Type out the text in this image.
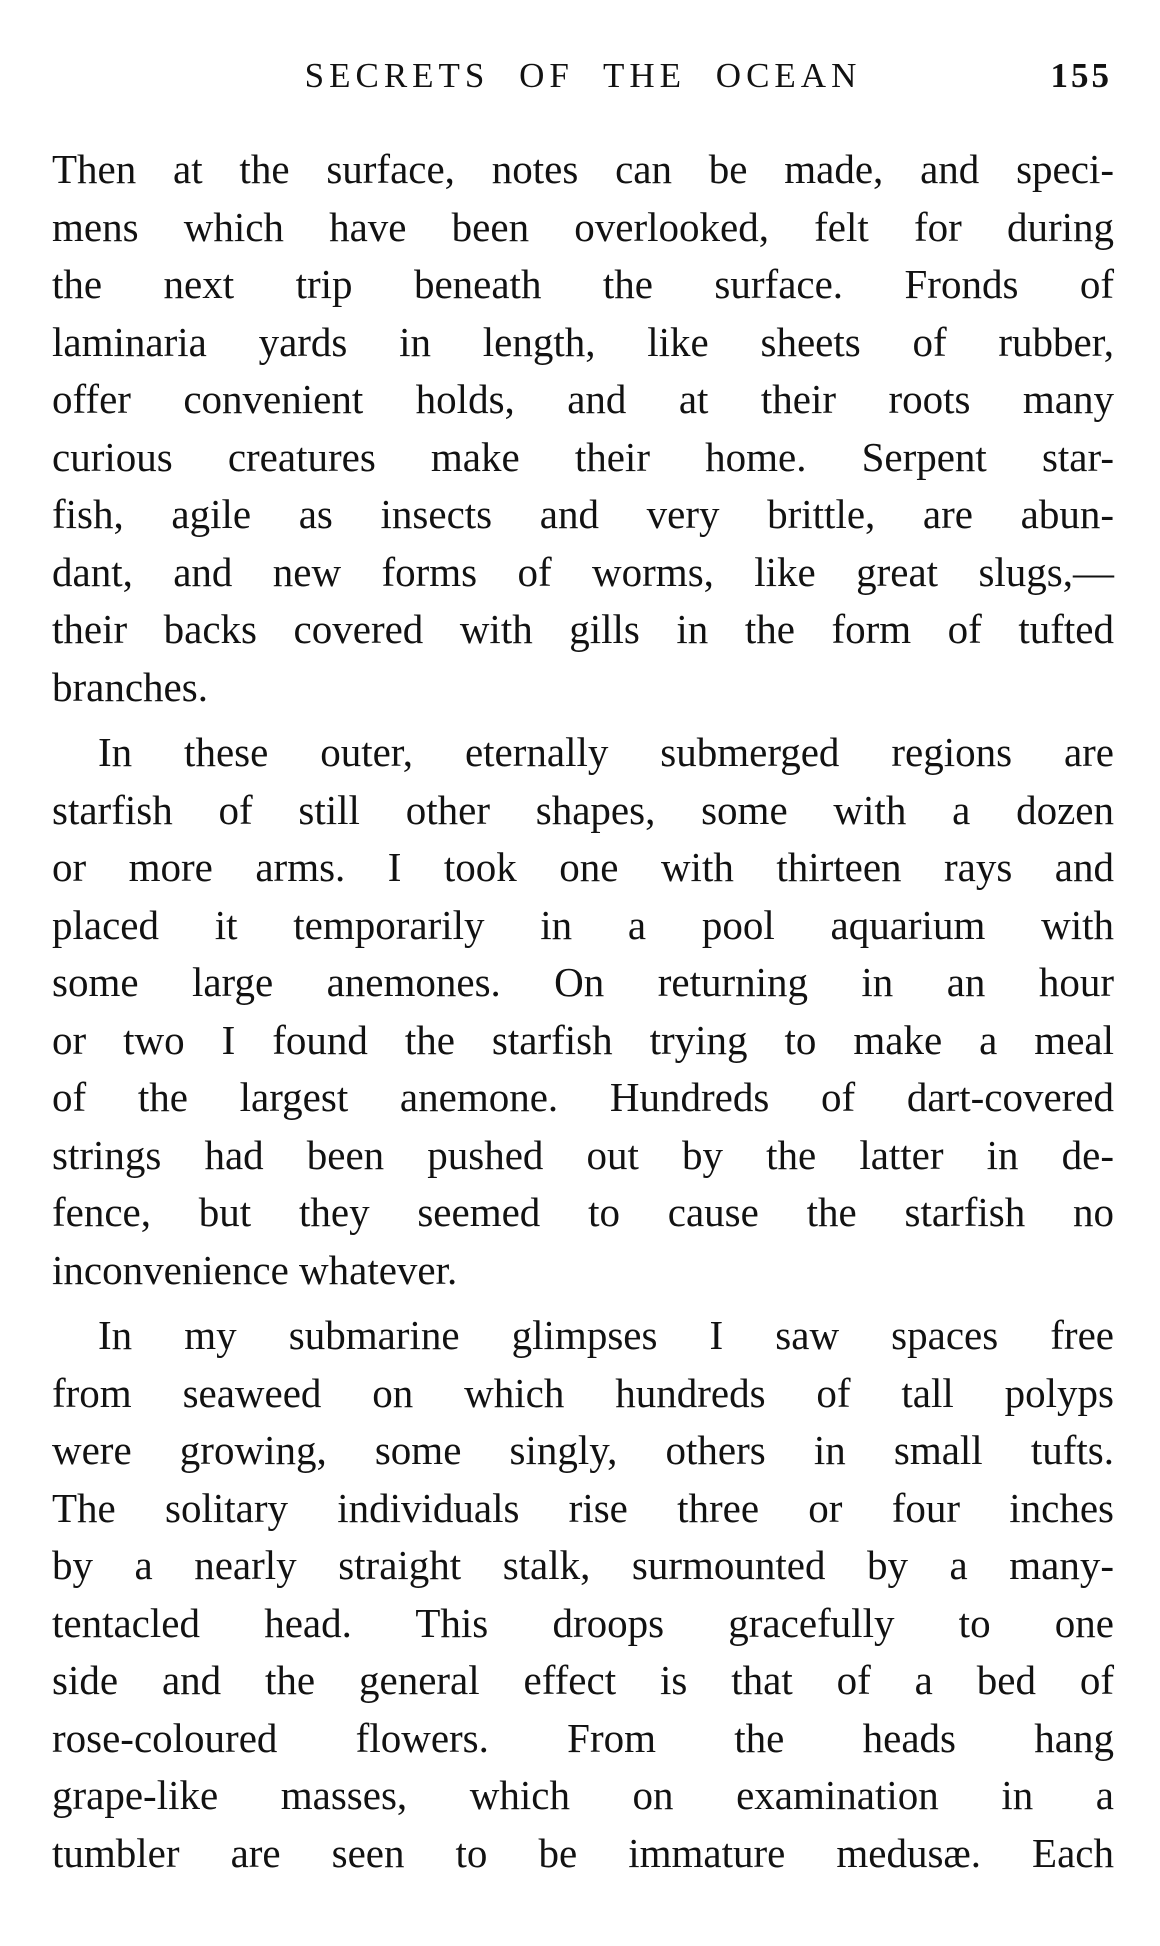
SECRETS OF THE OCEAN	155

Then at the surface, notes can be made, and speci-
mens which have been overlooked, felt for during
the next trip beneath the surface. Fronds of
laminaria yards in length, like sheets of rubber,
offer convenient holds, and at their roots many
curious creatures make their home. Serpent star-
fish, agile as insects and very brittle, are abun-
dant, and new forms of worms, like great slugs,—
their backs covered with gills in the form of tufted
branches.

In these outer, eternally submerged regions are
starfish of still other shapes, some with a dozen
or more arms. I took one with thirteen rays and
placed it temporarily in a pool aquarium with
some large anemones. On returning in an hour
or two I found the starfish trying to make a meal
of the largest anemone. Hundreds of dart-covered
strings had been pushed out by the latter in de-
fence, but they seemed to cause the starfish no
inconvenience whatever.

In my submarine glimpses I saw spaces free
from seaweed on which hundreds of tall polyps
were growing, some singly, others in small tufts.
The solitary individuals rise three or four inches
by a nearly straight stalk, surmounted by a many-
tentacled head. This droops gracefully to one
side and the general effect is that of a bed of
rose-coloured flowers. From the heads hang
grape-like masses, which on examination in a
tumbler are seen to be immature medusæ. Each
